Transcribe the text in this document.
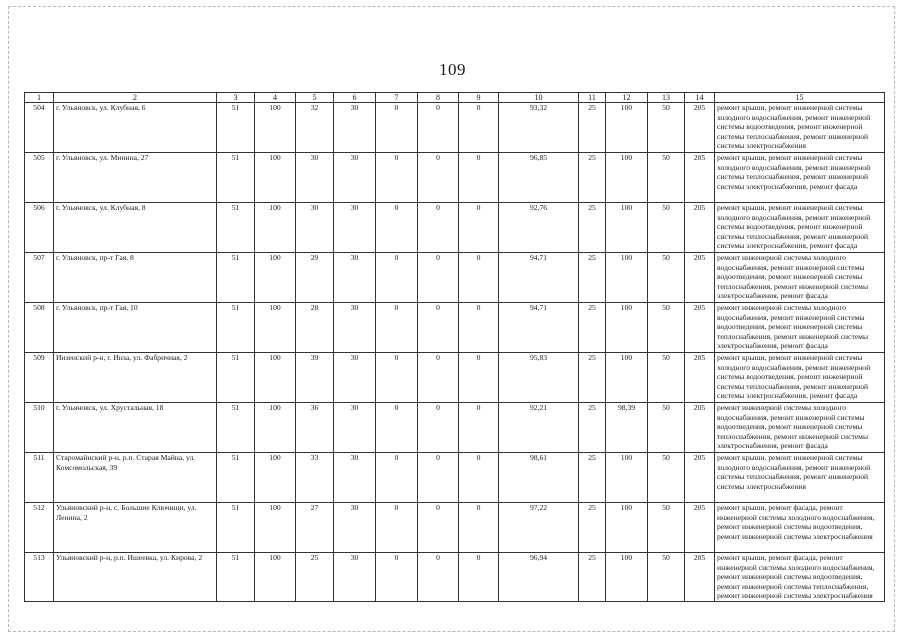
109
1	2	3	4	5	6	7	8	9	10	11	12	13	14	15
504	г. Ульяновск, ул. Клубная, 6	51	100	32	30	0	0	0	93,32	25	100	50	205	ремонт крыши, ремонт инженерной системы холодного водоснабжения, ремонт инженерной системы водоотведения, ремонт инженерной системы теплоснабжения, ремонт инженерной системы электроснабжения
505	г. Ульяновск, ул. Минина, 27	51	100	30	30	0	0	0	96,85	25	100	50	205	ремонт крыши, ремонт инженерной системы холодного водоснабжения, ремонт инженерной системы теплоснабжения, ремонт инженерной системы электроснабжения, ремонт фасада
506	г. Ульяновск, ул. Клубная, 8	51	100	30	30	0	0	0	92,76	25	100	50	205	ремонт крыши, ремонт инженерной системы холодного водоснабжения, ремонт инженерной системы водоотведения, ремонт инженерной системы теплоснабжения, ремонт инженерной системы электроснабжения, ремонт фасада
507	г. Ульяновск, пр-т Гая, 8	51	100	29	30	0	0	0	94,71	25	100	50	205	ремонт инженерной системы холодного водоснабжения, ремонт инженерной системы водоотведения, ремонт инженерной системы теплоснабжения, ремонт инженерной системы электроснабжения, ремонт фасада
508	г. Ульяновск, пр-т Гая, 10	51	100	28	30	0	0	0	94,71	25	100	50	205	ремонт инженерной системы холодного водоснабжения, ремонт инженерной системы водоотведения, ремонт инженерной системы теплоснабжения, ремонт инженерной системы электроснабжения, ремонт фасада
509	Инзенский р-н, г. Инза, ул. Фабричная, 2	51	100	39	30	0	0	0	95,83	25	100	50	205	ремонт крыши, ремонт инженерной системы холодного водоснабжения, ремонт инженерной системы водоотведения, ремонт инженерной системы теплоснабжения, ремонт инженерной системы электроснабжения, ремонт фасада
510	г. Ульяновск, ул. Хрустальная, 18	51	100	36	30	0	0	0	92,21	25	98,39	50	205	ремонт инженерной системы холодного водоснабжения, ремонт инженерной системы водоотведения, ремонт инженерной системы теплоснабжения, ремонт инженерной системы электроснабжения, ремонт фасада
511	Старомайнский р-н, р.п. Старая Майна, ул. Комсомольская, 39	51	100	33	30	0	0	0	98,61	25	100	50	205	ремонт крыши, ремонт инженерной системы холодного водоснабжения, ремонт инженерной системы теплоснабжения, ремонт инженерной системы электроснабжения
512	Ульяновский р-н, с. Большие Ключищи, ул. Ленина, 2	51	100	27	30	0	0	0	97,22	25	100	50	205	ремонт крыши, ремонт фасада, ремонт инженерной системы холодного водоснабжения, ремонт инженерной системы водоотведения, ремонт инженерной системы электроснабжения
513	Ульяновский р-н, р.п. Ишеевка, ул. Кирова, 2	51	100	25	30	0	0	0	96,94	25	100	50	205	ремонт крыши, ремонт фасада, ремонт инженерной системы холодного водоснабжения, ремонт инженерной системы водоотведения, ремонт инженерной системы теплоснабжения, ремонт инженерной системы электроснабжения
